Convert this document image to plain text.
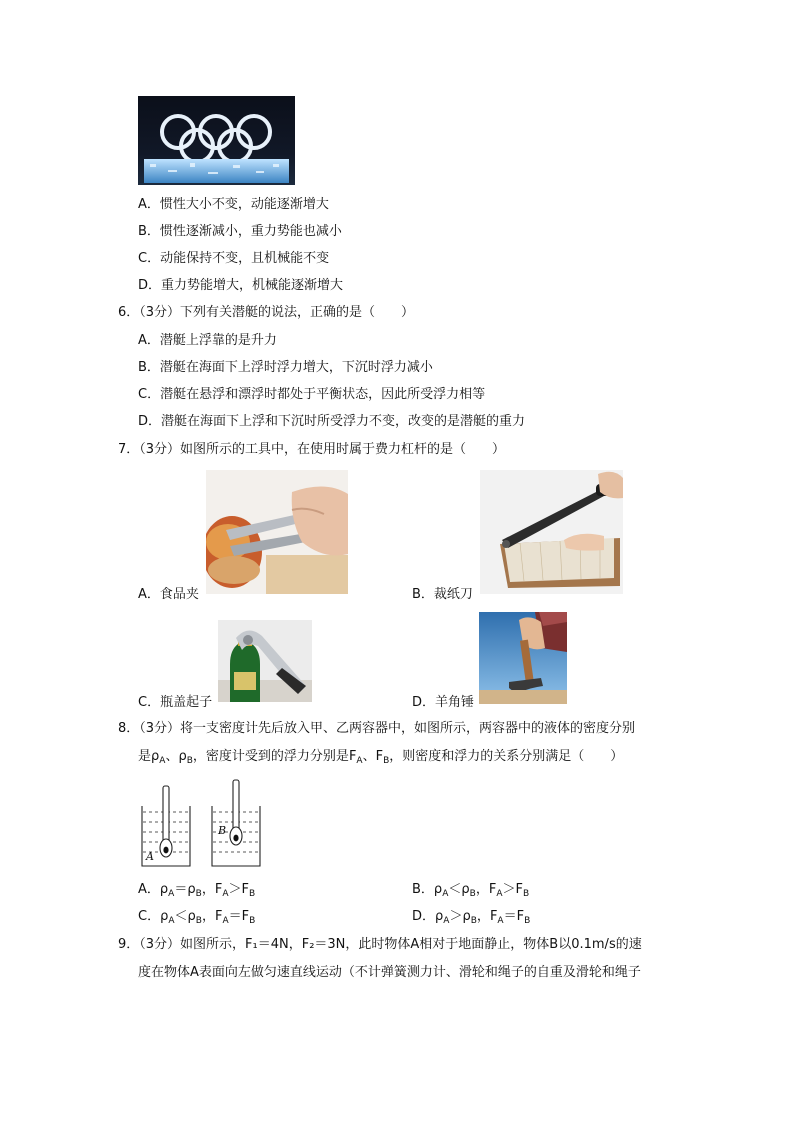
A．惯性大小不变，动能逐渐增大
B．惯性逐渐减小，重力势能也减小
C．动能保持不变，且机械能不变
D．重力势能增大，机械能逐渐增大
6．（3分）下列有关潜艇的说法，正确的是（　　）
A．潜艇上浮靠的是升力
B．潜艇在海面下上浮时浮力增大，下沉时浮力减小
C．潜艇在悬浮和漂浮时都处于平衡状态，因此所受浮力相等
D．潜艇在海面下上浮和下沉时所受浮力不变，改变的是潜艇的重力
7．（3分）如图所示的工具中，在使用时属于费力杠杆的是（　　）
A．食品夹	B．裁纸刀
C．瓶盖起子	D．羊角锤
8．（3分）将一支密度计先后放入甲、乙两容器中，如图所示，两容器中的液体的密度分别
是$\rho_A$、$\rho_B$，密度计受到的浮力分别是$F_A$、$F_B$，则密度和浮力的关系分别满足（　　）
A
B
A．$\rho_A=\rho_B$，$F_A>F_B$	B．$\rho_A<\rho_B$，$F_A>F_B$
C．$\rho_A<\rho_B$，$F_A=F_B$	D．$\rho_A>\rho_B$，$F_A=F_B$
9．（3分）如图所示，F₁＝4N，F₂＝3N，此时物体A相对于地面静止，物体B以0.1m/s的速
度在物体A表面向左做匀速直线运动（不计弹簧测力计、滑轮和绳子的自重及滑轮和绳子
